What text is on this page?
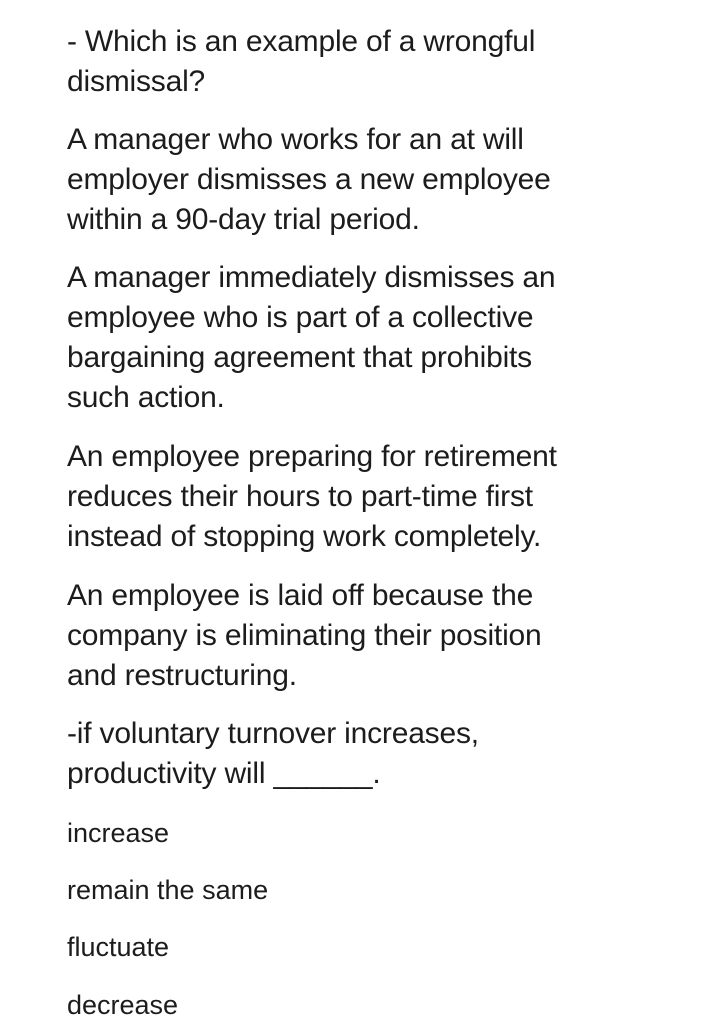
- Which is an example of a wrongful
dismissal?
A manager who works for an at will
employer dismisses a new employee
within a 90-day trial period.
A manager immediately dismisses an
employee who is part of a collective
bargaining agreement that prohibits
such action.
An employee preparing for retirement
reduces their hours to part-time first
instead of stopping work completely.
An employee is laid off because the
company is eliminating their position
and restructuring.
-if voluntary turnover increases,
productivity will ______.
increase
remain the same
fluctuate
decrease
